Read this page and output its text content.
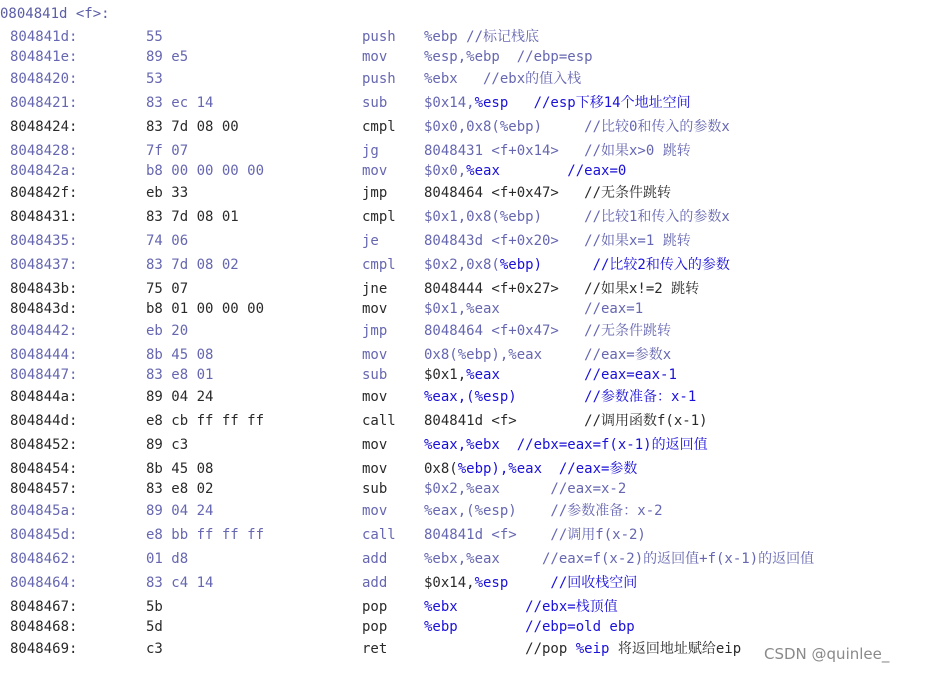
0804841d <f>:
804841d:	55	push %ebp //标记栈底
804841e:	89 e5	mov	%esp,%ebp  //ebp=esp
8048420:	53	push %ebx   //ebx的值入栈
8048421:	83 ec 14	sub	$0x14,%esp   //esp下移14个地址空间
8048424:	83 7d 08 00	cmpl $0x0,0x8(%ebp)     //比较0和传入的参数x
8048428:	7f 07	jg	8048431 <f+0x14>   //如果x>0 跳转
804842a:	b8 00 00 00 00	mov	$0x0,%eax        //eax=0
804842f:	eb 33	jmp	8048464 <f+0x47>   //无条件跳转
8048431:	83 7d 08 01	cmpl $0x1,0x8(%ebp)     //比较1和传入的参数x
8048435:	74 06	je	804843d <f+0x20>   //如果x=1 跳转
8048437:	83 7d 08 02	cmpl $0x2,0x8(%ebp)      //比较2和传入的参数
804843b:	75 07	jne	8048444 <f+0x27>   //如果x!=2 跳转
804843d:	b8 01 00 00 00	mov	$0x1,%eax          //eax=1
8048442:	eb 20	jmp	8048464 <f+0x47>   //无条件跳转
8048444:	8b 45 08	mov	0x8(%ebp),%eax     //eax=参数x
8048447:	83 e8 01	sub	$0x1,%eax          //eax=eax-1
804844a:	89 04 24	mov	%eax,(%esp)        //参数准备：x-1
804844d:	e8 cb ff ff ff	call 804841d <f>        //调用函数f(x-1)
8048452:	89 c3	mov	%eax,%ebx  //ebx=eax=f(x-1)的返回值
8048454:	8b 45 08	mov	0x8(%ebp),%eax  //eax=参数
8048457:	83 e8 02	sub	$0x2,%eax      //eax=x-2
804845a:	89 04 24	mov	%eax,(%esp)    //参数准备：x-2
804845d:	e8 bb ff ff ff	call 804841d <f>    //调用f(x-2)
8048462:	01 d8	add	%ebx,%eax     //eax=f(x-2)的返回值+f(x-1)的返回值
8048464:	83 c4 14	add	$0x14,%esp     //回收栈空间
8048467:	5b	pop	%ebx        //ebx=栈顶值
8048468:	5d	pop	%ebp        //ebp=old ebp
8048469:	c3	ret	//pop %eip 将返回地址赋给eip CSDN @quinlee_
